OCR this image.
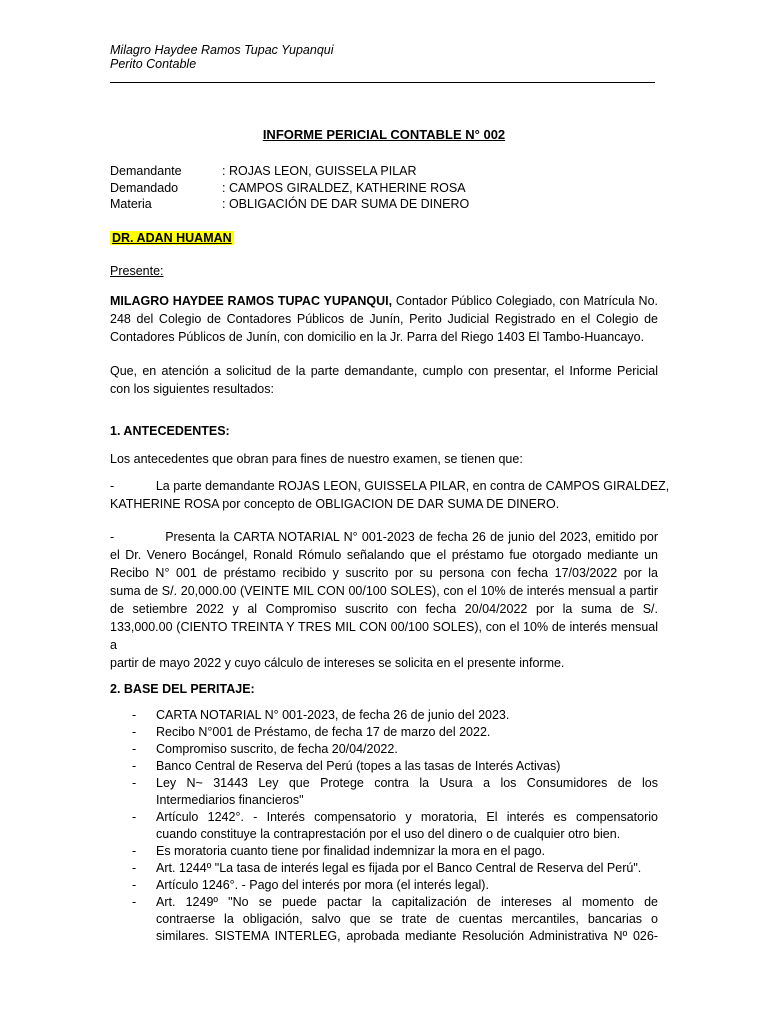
Milagro Haydee Ramos Tupac Yupanqui
Perito Contable
INFORME PERICIAL CONTABLE N° 002
Demandante	: ROJAS LEON, GUISSELA PILAR
Demandado	: CAMPOS GIRALDEZ, KATHERINE ROSA
Materia	: OBLIGACIÓN DE DAR SUMA DE DINERO
DR. ADAN HUAMAN
Presente:
MILAGRO HAYDEE RAMOS TUPAC YUPANQUI, Contador Público Colegiado, con Matrícula No.
248 del Colegio de Contadores Públicos de Junín, Perito Judicial Registrado en el Colegio de
Contadores Públicos de Junín, con domicilio en la Jr. Parra del Riego 1403 El Tambo-Huancayo.
Que, en atención a solicitud de la parte demandante, cumplo con presentar, el Informe Pericial
con los siguientes resultados:
1. ANTECEDENTES:
Los antecedentes que obran para fines de nuestro examen, se tienen que:
-            La parte demandante ROJAS LEON, GUISSELA PILAR, en contra de CAMPOS GIRALDEZ,
KATHERINE ROSA por concepto de OBLIGACION DE DAR SUMA DE DINERO.
-            Presenta la CARTA NOTARIAL N° 001-2023 de fecha 26 de junio del 2023, emitido por
el Dr. Venero Bocángel, Ronald Rómulo señalando que el préstamo fue otorgado mediante un
Recibo N° 001 de préstamo recibido y suscrito por su persona con fecha 17/03/2022 por la
suma de S/. 20,000.00 (VEINTE MIL CON 00/100 SOLES), con el 10% de interés mensual a partir
de setiembre 2022 y al Compromiso suscrito con fecha 20/04/2022 por la suma de S/.
133,000.00 (CIENTO TREINTA Y TRES MIL CON 00/100 SOLES), con el 10% de interés mensual a
partir de mayo 2022 y cuyo cálculo de intereses se solicita en el presente informe.
2. BASE DEL PERITAJE:
- CARTA NOTARIAL N° 001-2023, de fecha 26 de junio del 2023.
- Recibo N°001 de Préstamo, de fecha 17 de marzo del 2022.
- Compromiso suscrito, de fecha 20/04/2022.
- Banco Central de Reserva del Perú (topes a las tasas de Interés Activas)
- Ley N~ 31443 Ley que Protege contra la Usura a los Consumidores de los
Intermediarios financieros"
- Artículo 1242°. - Interés compensatorio y moratoria, El interés es compensatorio
cuando constituye la contraprestación por el uso del dinero o de cualquier otro bien.
- Es moratoria cuanto tiene por finalidad indemnizar la mora en el pago.
- Art. 1244º "La tasa de interés legal es fijada por el Banco Central de Reserva del Perú".
- Artículo 1246°. - Pago del interés por mora (el interés legal).
- Art. 1249º "No se puede pactar la capitalización de intereses al momento de
contraerse la obligación, salvo que se trate de cuentas mercantiles, bancarias o
similares. SISTEMA INTERLEG, aprobada mediante Resolución Administrativa Nº 026-
